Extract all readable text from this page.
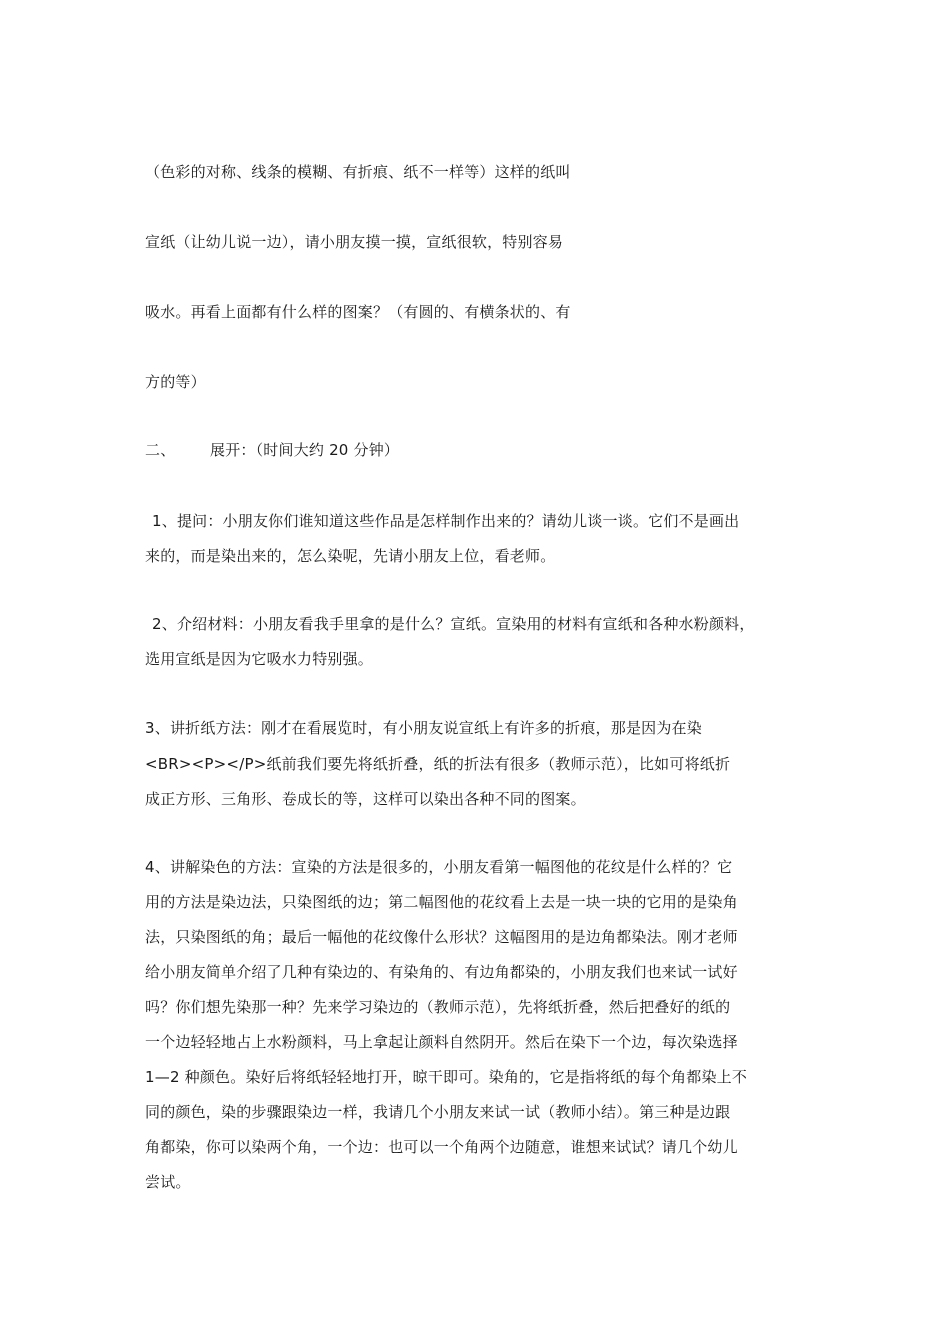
（色彩的对称、线条的模糊、有折痕、纸不一样等）这样的纸叫
宣纸（让幼儿说一边），请小朋友摸一摸，宣纸很软，特别容易
吸水。再看上面都有什么样的图案？（有圆的、有横条状的、有
方的等）
二、 展开：（时间大约 20 分钟）
1、提问：小朋友你们谁知道这些作品是怎样制作出来的？请幼儿谈一谈。它们不是画出
来的，而是染出来的，怎么染呢，先请小朋友上位，看老师。
2、介绍材料：小朋友看我手里拿的是什么？宣纸。宣染用的材料有宣纸和各种水粉颜料，
选用宣纸是因为它吸水力特别强。
3、讲折纸方法：刚才在看展览时，有小朋友说宣纸上有许多的折痕，那是因为在染
<BR><P></P>纸前我们要先将纸折叠，纸的折法有很多（教师示范），比如可将纸折
成正方形、三角形、卷成长的等，这样可以染出各种不同的图案。
4、讲解染色的方法：宣染的方法是很多的，小朋友看第一幅图他的花纹是什么样的？它
用的方法是染边法，只染图纸的边；第二幅图他的花纹看上去是一块一块的它用的是染角
法，只染图纸的角；最后一幅他的花纹像什么形状？这幅图用的是边角都染法。刚才老师
给小朋友简单介绍了几种有染边的、有染角的、有边角都染的，小朋友我们也来试一试好
吗？你们想先染那一种？先来学习染边的（教师示范），先将纸折叠，然后把叠好的纸的
一个边轻轻地占上水粉颜料，马上拿起让颜料自然阴开。然后在染下一个边，每次染选择
1—2 种颜色。染好后将纸轻轻地打开，晾干即可。染角的，它是指将纸的每个角都染上不
同的颜色，染的步骤跟染边一样，我请几个小朋友来试一试（教师小结）。第三种是边跟
角都染，你可以染两个角，一个边：也可以一个角两个边随意，谁想来试试？请几个幼儿
尝试。
